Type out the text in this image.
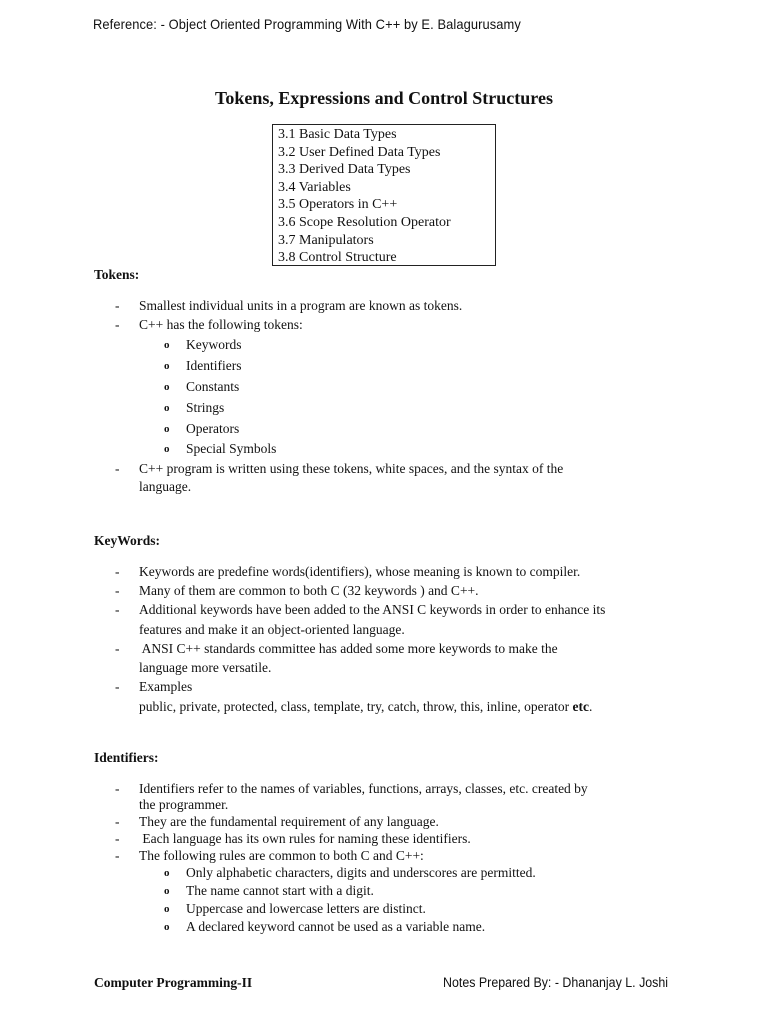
Reference: - Object Oriented Programming With C++ by E. Balagurusamy
Tokens, Expressions and Control Structures
3.1 Basic Data Types
3.2 User Defined Data Types
3.3 Derived Data Types
3.4 Variables
3.5 Operators in C++
3.6 Scope Resolution Operator
3.7 Manipulators
3.8 Control Structure
Tokens:
- Smallest individual units in a program are known as tokens.
- C++ has the following tokens:
o Keywords
o Identifiers
o Constants
o Strings
o Operators
o Special Symbols
- C++ program is written using these tokens, white spaces, and the syntax of the
language.
KeyWords:
- Keywords are predefine words(identifiers), whose meaning is known to compiler.
- Many of them are common to both C (32 keywords ) and C++.
- Additional keywords have been added to the ANSI C keywords in order to enhance its
features and make it an object-oriented language.
- ANSI C++ standards committee has added some more keywords to make the
language more versatile.
- Examples
public, private, protected, class, template, try, catch, throw, this, inline, operator etc.
Identifiers:
- Identifiers refer to the names of variables, functions, arrays, classes, etc. created by
the programmer.
- They are the fundamental requirement of any language.
- Each language has its own rules for naming these identifiers.
- The following rules are common to both C and C++:
o Only alphabetic characters, digits and underscores are permitted.
o The name cannot start with a digit.
o Uppercase and lowercase letters are distinct.
o A declared keyword cannot be used as a variable name.
Computer Programming-II	Notes Prepared By: - Dhananjay L. Joshi
